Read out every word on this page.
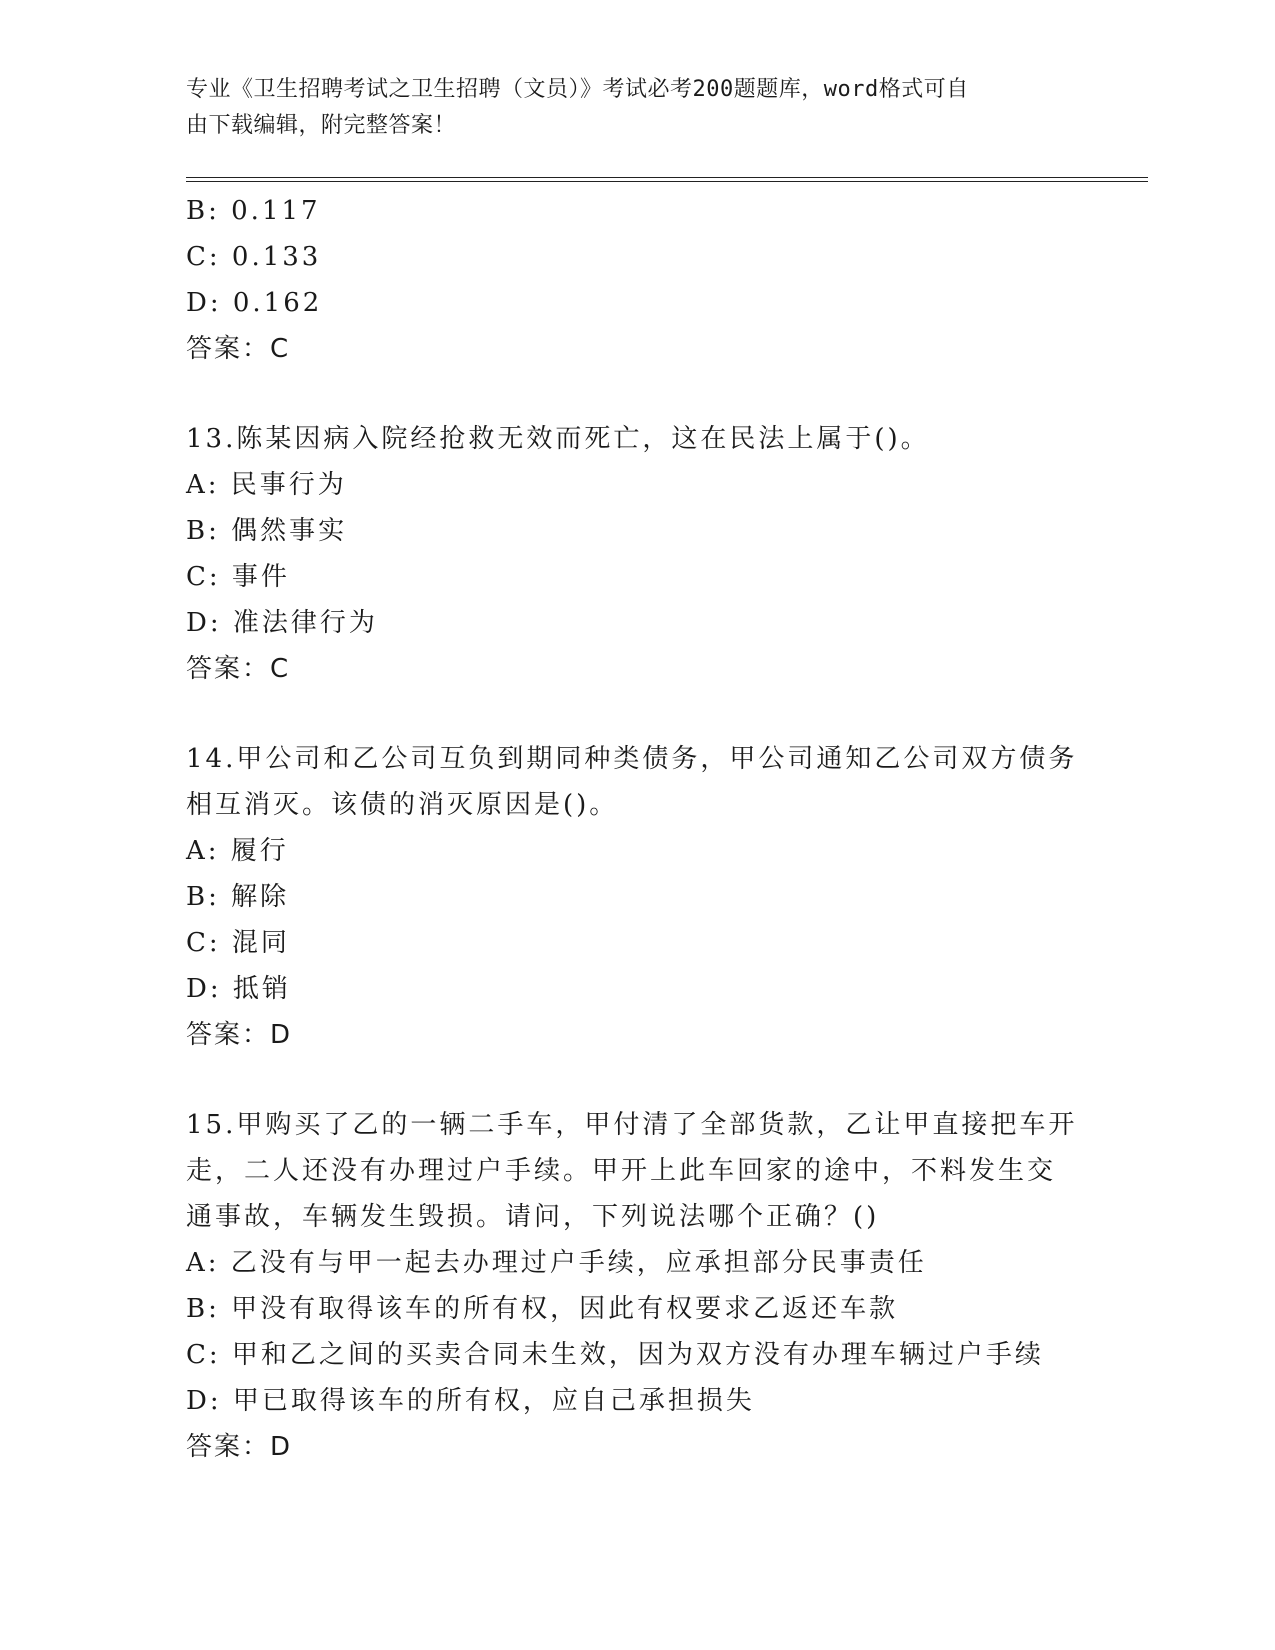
专业《卫生招聘考试之卫生招聘（文员）》考试必考200题题库，word格式可自
由下载编辑，附完整答案！
B: 0.117
C: 0.133
D: 0.162
答案：C
13.陈某因病入院经抢救无效而死亡，这在民法上属于()。
A: 民事行为
B: 偶然事实
C: 事件
D: 准法律行为
答案：C
14.甲公司和乙公司互负到期同种类债务，甲公司通知乙公司双方债务
相互消灭。该债的消灭原因是()。
A: 履行
B: 解除
C: 混同
D: 抵销
答案：D
15.甲购买了乙的一辆二手车，甲付清了全部货款，乙让甲直接把车开
走，二人还没有办理过户手续。甲开上此车回家的途中，不料发生交
通事故，车辆发生毁损。请问，下列说法哪个正确？()
A: 乙没有与甲一起去办理过户手续，应承担部分民事责任
B: 甲没有取得该车的所有权，因此有权要求乙返还车款
C: 甲和乙之间的买卖合同未生效，因为双方没有办理车辆过户手续
D: 甲已取得该车的所有权，应自己承担损失
答案：D
